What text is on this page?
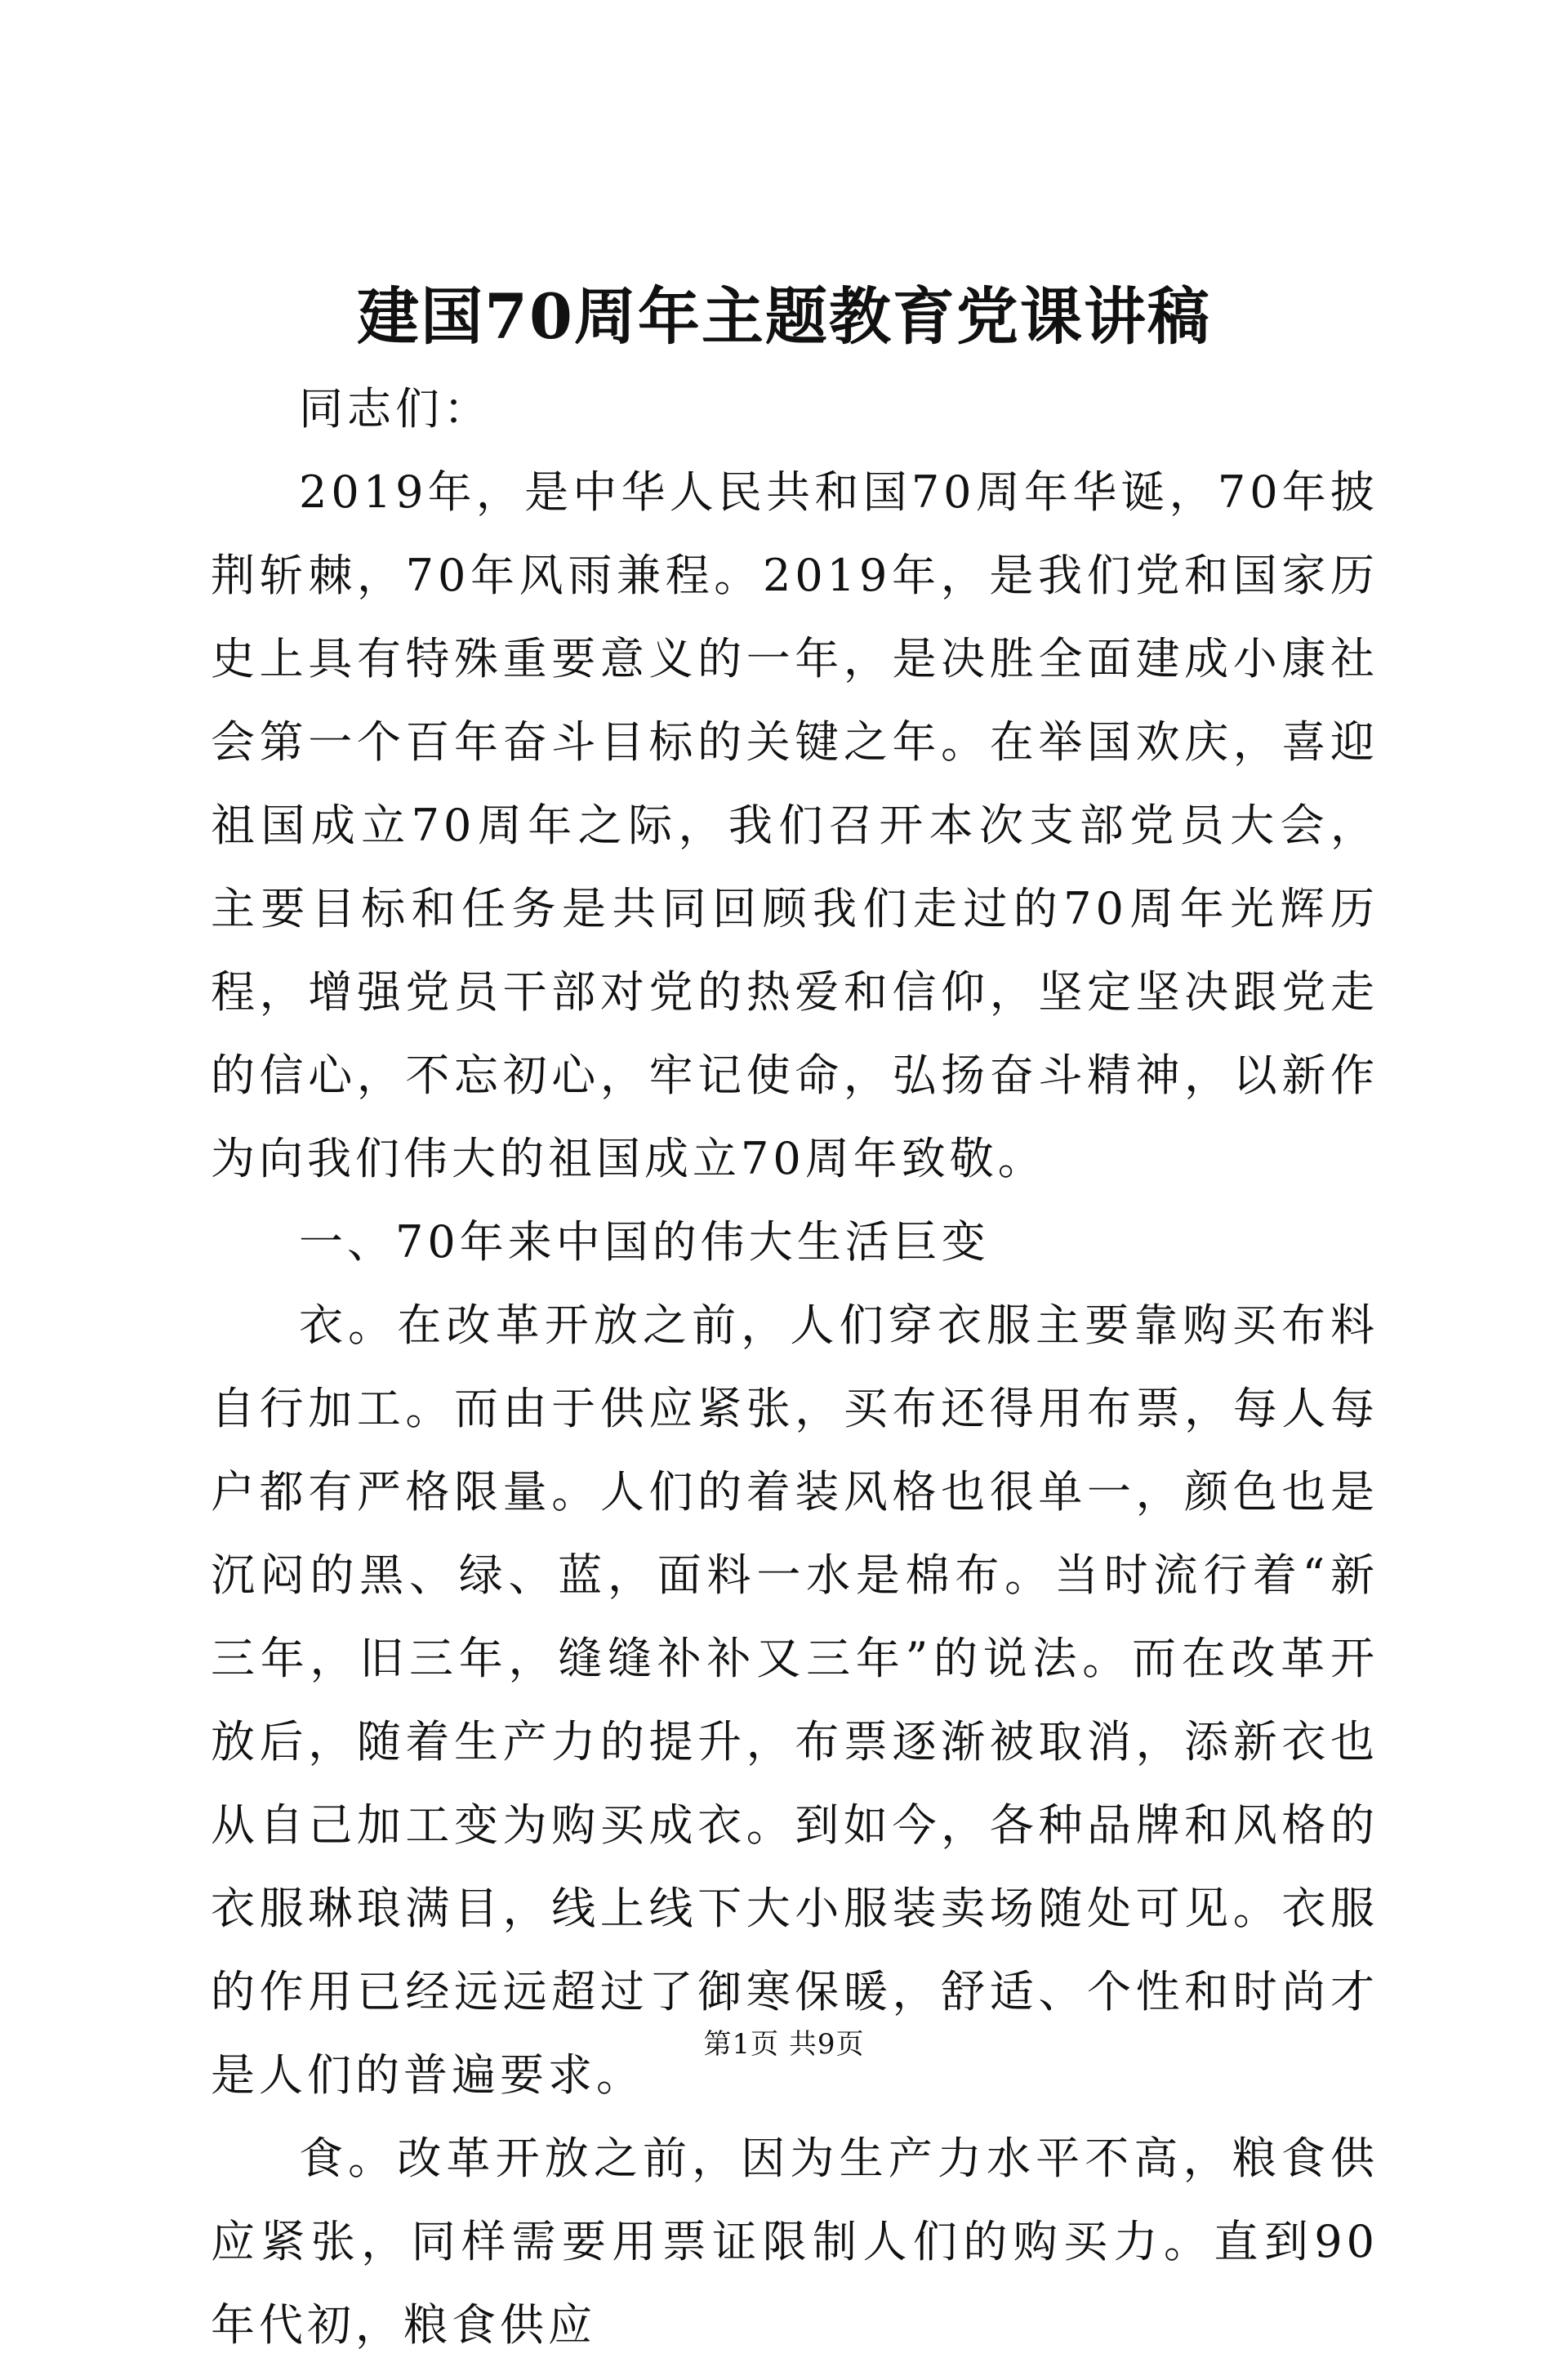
建国70周年主题教育党课讲稿

同志们：

2019年，是中华人民共和国70周年华诞，70年披荆斩棘，70年风雨兼程。2019年，是我们党和国家历史上具有特殊重要意义的一年，是决胜全面建成小康社会第一个百年奋斗目标的关键之年。在举国欢庆，喜迎祖国成立70周年之际，我们召开本次支部党员大会，主要目标和任务是共同回顾我们走过的70周年光辉历程，增强党员干部对党的热爱和信仰，坚定坚决跟党走的信心，不忘初心，牢记使命，弘扬奋斗精神，以新作为向我们伟大的祖国成立70周年致敬。

一、70年来中国的伟大生活巨变

衣。在改革开放之前，人们穿衣服主要靠购买布料自行加工。而由于供应紧张，买布还得用布票，每人每户都有严格限量。人们的着装风格也很单一，颜色也是沉闷的黑、绿、蓝，面料一水是棉布。当时流行着“新三年，旧三年，缝缝补补又三年”的说法。而在改革开放后，随着生产力的提升，布票逐渐被取消，添新衣也从自己加工变为购买成衣。到如今，各种品牌和风格的衣服琳琅满目，线上线下大小服装卖场随处可见。衣服的作用已经远远超过了御寒保暖，舒适、个性和时尚才是人们的普遍要求。

食。改革开放之前，因为生产力水平不高，粮食供应紧张，同样需要用票证限制人们的购买力。直到90年代初，粮食供应

第1页 共9页
